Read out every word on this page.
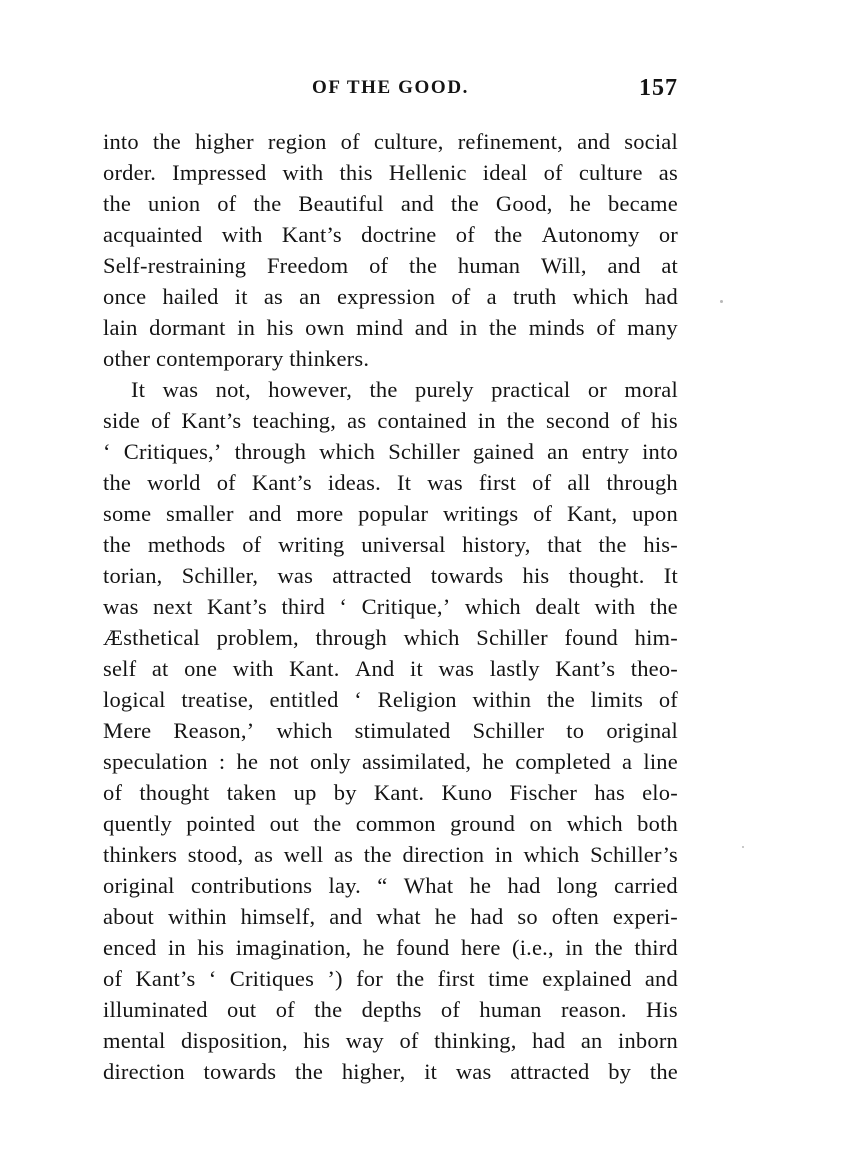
OF THE GOOD.	157
into the higher region of culture, refinement, and social
order. Impressed with this Hellenic ideal of culture as
the union of the Beautiful and the Good, he became
acquainted with Kant’s doctrine of the Autonomy or
Self-restraining Freedom of the human Will, and at
once hailed it as an expression of a truth which had
lain dormant in his own mind and in the minds of many
other contemporary thinkers.
It was not, however, the purely practical or moral
side of Kant’s teaching, as contained in the second of his
‘ Critiques,’ through which Schiller gained an entry into
the world of Kant’s ideas. It was first of all through
some smaller and more popular writings of Kant, upon
the methods of writing universal history, that the his-
torian, Schiller, was attracted towards his thought. It
was next Kant’s third ‘ Critique,’ which dealt with the
Æsthetical problem, through which Schiller found him-
self at one with Kant. And it was lastly Kant’s theo-
logical treatise, entitled ‘ Religion within the limits of
Mere Reason,’ which stimulated Schiller to original
speculation : he not only assimilated, he completed a line
of thought taken up by Kant. Kuno Fischer has elo-
quently pointed out the common ground on which both
thinkers stood, as well as the direction in which Schiller’s
original contributions lay. “ What he had long carried
about within himself, and what he had so often experi-
enced in his imagination, he found here (i.e., in the third
of Kant’s ‘ Critiques ’) for the first time explained and
illuminated out of the depths of human reason. His
mental disposition, his way of thinking, had an inborn
direction towards the higher, it was attracted by the
